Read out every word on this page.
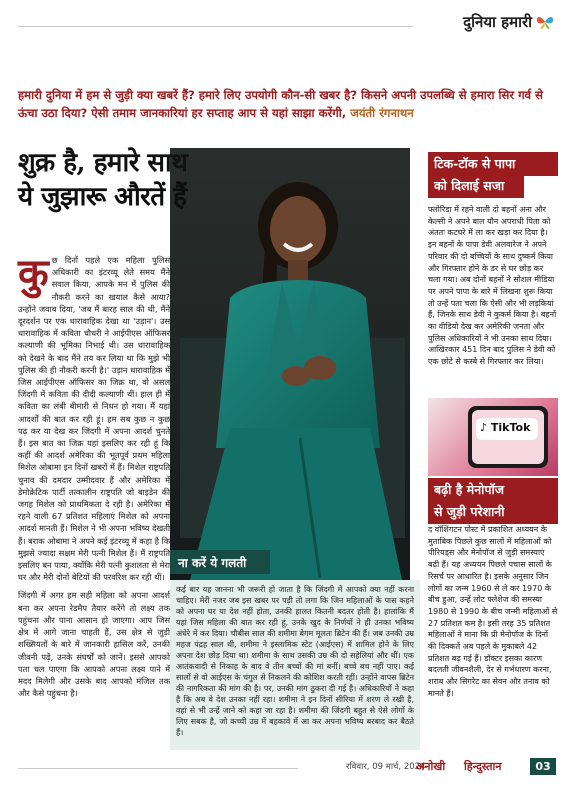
दुनिया हमारी
हमारी दुनिया में हम से जुड़ी क्या खबरें हैं? हमारे लिए उपयोगी कौन-सी खबर है? किसने अपनी उपलब्धि से हमारा सिर गर्व से ऊंचा उठा दिया? ऐसी तमाम जानकारियां हर सप्ताह आप से यहां साझा करेंगी, जयंती रंगनाथन
शुक्र है, हमारे साथ
ये जुझारू औरतें हैं

कु छ दिनों पहले एक महिला पुलिस अधिकारी का इंटरव्यू लेते समय मैंने सवाल किया, आपके मन में पुलिस की नौकरी करने का खयाल कैसे आया? उन्होंने जवाब दिया, 'जब मैं बारह साल की थी, मैंने दूरदर्शन पर एक धारावाहिक देखा था 'उड़ान'। उस धारावाहिक में कविता चौधरी ने आईपीएस ऑफिसर कल्याणी की भूमिका निभाई थी। उस धारावाहिक को देखने के बाद मैंने तय कर लिया था कि मुझे भी पुलिस की ही नौकरी करनी है।' उड़ान धारावाहिक में जिस आईपीएस ऑफिसर का जिक्र था, वो असल जिंदगी में कविता की दीदी कल्याणी थीं। हाल ही में कविता का लंबी बीमारी से निधन हो गया। मैं यहां आदर्शों की बात कर रही हूं। हम सब कुछ न कुछ पढ़ कर या देख कर जिंदगी में अपना आदर्श चुनते हैं। इस बात का जिक्र यहां इसलिए कर रही हूं कि कहीं की आदर्श अमेरिका की भूतपूर्व प्रथम महिला मिशेल ओबामा इन दिनों खबरों में हैं। मिशेल राष्ट्रपति चुनाव की दमदार उम्मीदवार हैं और अमेरिका में डेमोक्रेटिक पार्टी तत्कालीन राष्ट्रपति जो बाइडेन की जगह मिशेल को प्राथमिकता दे रही है। अमेरिका में रहने वाली 67 प्रतिशत महिलाएं मिशेल को अपना आदर्श मानती हैं। मिशेल ने भी अपना भविष्य देखती हैं। बराक ओबामा ने अपने कई इंटरव्यू में कहा है कि मुझसे ज्यादा सक्षम मेरी पत्नी मिशेल हैं। मैं राष्ट्रपति इसलिए बन पाया, क्योंकि मेरी पत्नी कुशलता से मेरा घर और मेरी दोनों बेटियों की परवरिश कर रही थीं।

जिंदगी में अगर हम सही महिला को अपना आदर्श बना कर अपना रेडमैप तैयार करेंगे तो लक्ष्य तक पहुंचना और पाना आसान हो जाएगा। आप जिस क्षेत्र में आगे जाना चाहती हैं, उस क्षेत्र से जुड़ी शख्सियतों के बारे में जानकारी हासिल करें, उनकी जीवनी पढ़ें, उनके संघर्षों को जानें। इससे आपको पता चल पाएगा कि आपको अपना लक्ष्य पाने में मदद मिलेगी और उसके बाद आपको मंजिल तक और कैसे पहुंचना है।

ना करें ये गलती
कई बार यह जानना भी जरूरी हो जाता है कि जिंदगी में आपको क्या नहीं करना चाहिए। मेरी नजर जब इस खबर पर पड़ी तो लगा कि जिन महिलाओं के पास कहने को अपना घर या देश नहीं होता, उनकी हालत कितनी बदतर होती है। हालांकि मैं यहां जिस महिला की बात कर रही हूं, उनके खुद के निर्णयों ने ही उनका भविष्य अंधेरे में कर दिया। चौबीस साल की शमीमा बेगम मूलतः ब्रिटेन की हैं। जब उनकी उम्र महज पंद्रह साल थी, शमीमा ने इस्लामिक स्टेट (आईएस) में शामिल होने के लिए अपना देश छोड़ दिया था। शमीमा के साथ उसकी उम्र की दो सहेलियां और थीं। एक आतंकवादी से निकाह के बाद वे तीन बच्चों की मां बनीं। बच्चे बच नहीं पाए। कई सालों से वो आईएस के चंगुल से निकलने की कोशिश करती रहीं। उन्होंने वापस ब्रिटेन की नागरिकता की मांग की है। पर, उनकी मांग ठुकरा दी गई है। अधिकारियों ने कहा है कि अब वे देश उनका नहीं रहा। शमीमा ने इन दिनों सीरिया में शरण ले रखी है, वहां से भी उन्हें जाने को कहा जा रहा है। शमीमा की जिंदगी बहुत से ऐसे लोगों के लिए सबक है, जो कच्ची उम्र में बहकावे में आ कर अपना भविष्य बरबाद कर बैठते हैं।
टिक-टॉक से पापा
को दिलाई सजा
फ्लोरिडा में रहने वाली दो बहनों अना और केल्सी ने अपने बाल यौन अपराधी पिता को अंततः कटघरे में ला कर खड़ा कर दिया है। इन बहनों के पापा डेवी अलवारेज ने अपने परिवार की दो बच्चियों के साथ दुष्कर्म किया और गिरफ्तार होने के डर से घर छोड़ कर चला गया। अब दोनों बहनों ने सोशल मीडिया पर अपने पापा के बारे में लिखना शुरू किया तो उन्हें पता चला कि ऐसी और भी लड़कियां हैं, जिनके साथ डेवी ने कुकर्म किया है। बहनों का वीडियो देख कर अमेरिकी जनता और पुलिस अधिकारियों ने भी उनका साथ दिया। आखिरकार 451 दिन बाद पुलिस ने डेवी को एक छोटे से कस्बे से गिरफ्तार कर लिया।
♪ TikTok
बढ़ी है मेनोपॉज
से जुड़ी परेशानी
द वॉशिंगटन पोस्ट में प्रकाशित अध्ययन के मुताबिक पिछले कुछ सालों में महिलाओं को पीरियड्स और मेनोपॉज से जुड़ी समस्याएं बढ़ी हैं। यह अध्ययन पिछले पचास सालों के रिसर्च पर आधारित है। इसके अनुसार जिन लोगों का जन्म 1960 से ले कर 1970 के बीच हुआ, उन्हें लोट फ्लेशेज की समस्या 1980 से 1990 के बीच जन्मी महिलाओं से 27 प्रतिशत कम है। इसी तरह 35 प्रतिशत महिलाओं ने माना कि प्री मेनोपॉज के दिनों की दिक्कतें अब पहले के मुकाबले 42 प्रतिशत बढ़ गई हैं। डॉक्टर इसका कारण बदलती जीवनशैली, देर से गर्भधारण करना, शराब और सिगरेट का सेवन और तनाव को मानते हैं।
रविवार, 09 मार्च, 2024
अनोखी हिन्दुस्तान	03
